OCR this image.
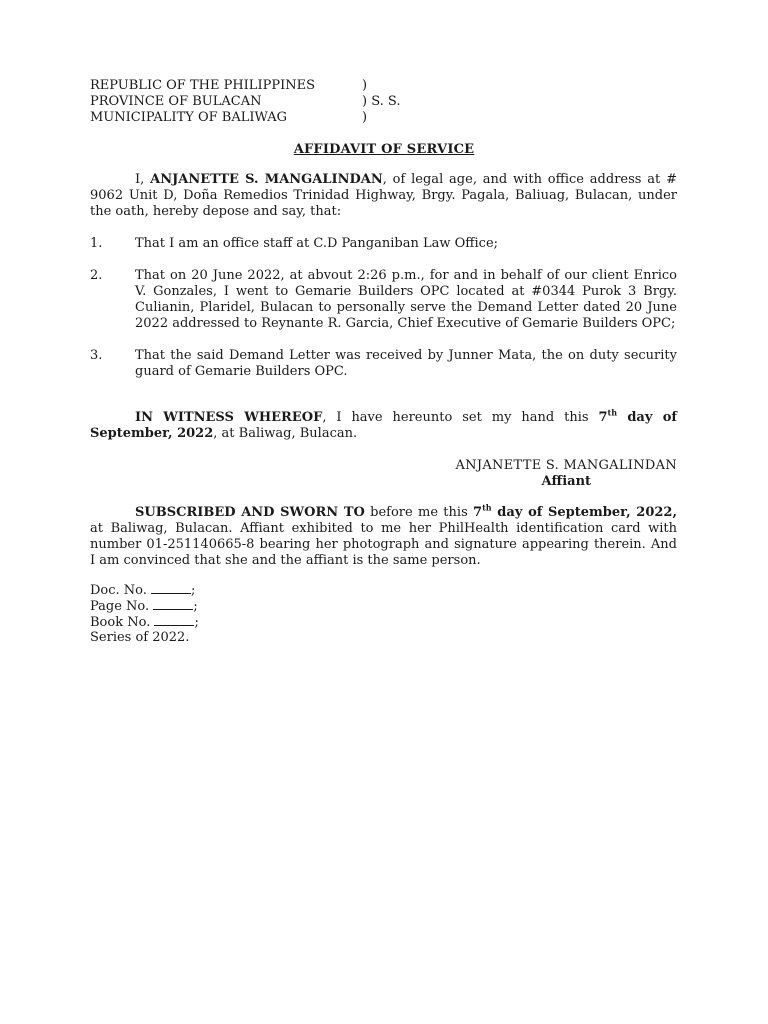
REPUBLIC OF THE PHILIPPINES	)
PROVINCE OF BULACAN	) S. S.
MUNICIPALITY OF BALIWAG	)
AFFIDAVIT OF SERVICE

I, ANJANETTE S. MANGALINDAN, of legal age, and with office address at # 9062 Unit D, Doña Remedios Trinidad Highway, Brgy. Pagala, Baliuag, Bulacan, under the oath, hereby depose and say, that:

1.	That I am an office staff at C.D Panganiban Law Office;
2.	That on 20 June 2022, at abvout 2:26 p.m., for and in behalf of our client Enrico V. Gonzales, I went to Gemarie Builders OPC located at #0344 Purok 3 Brgy. Culianin, Plaridel, Bulacan to personally serve the Demand Letter dated 20 June 2022 addressed to Reynante R. Garcia, Chief Executive of Gemarie Builders OPC;
3.	That the said Demand Letter was received by Junner Mata, the on duty security guard of Gemarie Builders OPC.

IN WITNESS WHEREOF, I have hereunto set my hand this 7th day of September, 2022, at Baliwag, Bulacan.

ANJANETTE S. MANGALINDAN
Affiant

SUBSCRIBED AND SWORN TO before me this 7th day of September, 2022, at Baliwag, Bulacan. Affiant exhibited to me her PhilHealth identification card with number 01-251140665-8 bearing her photograph and signature appearing therein. And I am convinced that she and the affiant is the same person.

Doc. No.	;
Page No.	;
Book No.	;
Series of 2022.
